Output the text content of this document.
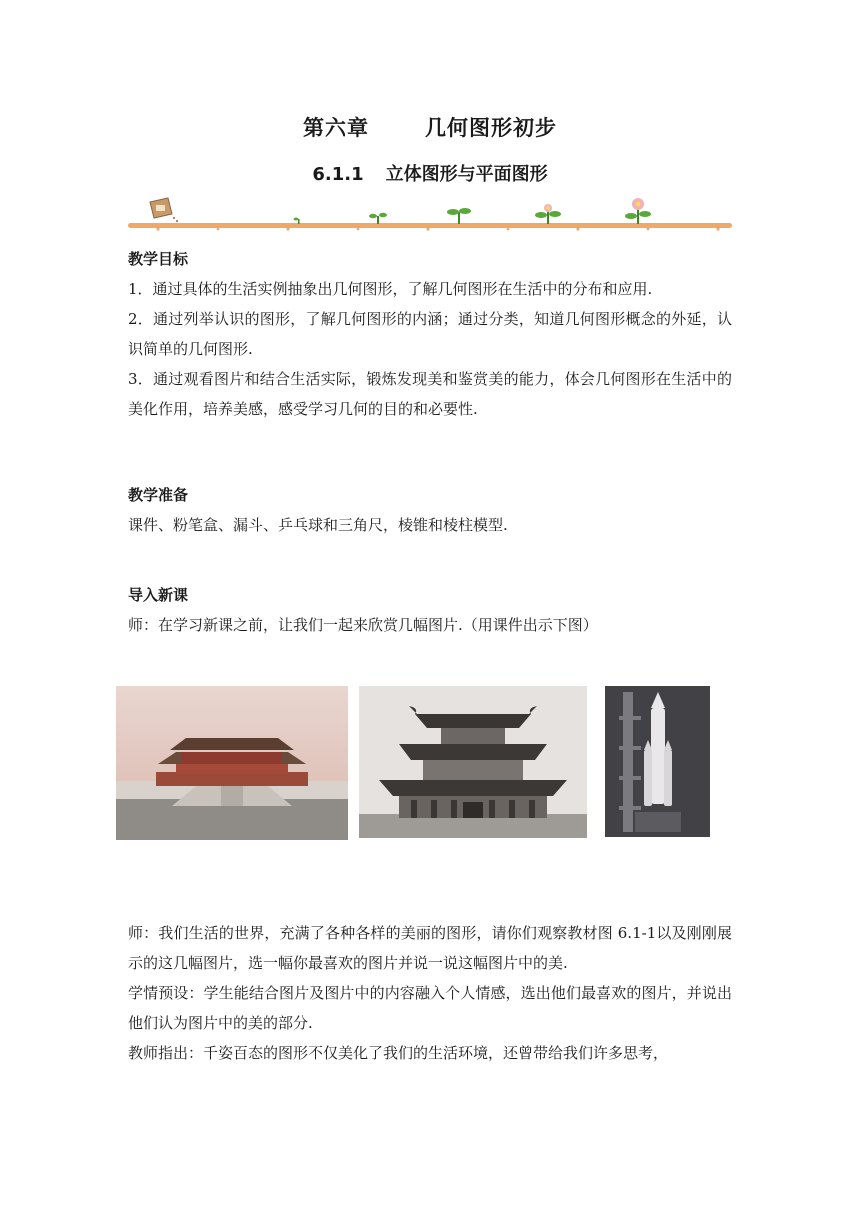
第六章	几何图形初步
6.1.1 立体图形与平面图形

教学目标

1．通过具体的生活实例抽象出几何图形，了解几何图形在生活中的分布和应用.

2．通过列举认识的图形，了解几何图形的内涵；通过分类，知道几何图形概念的外延，认识简单的几何图形.

3．通过观看图片和结合生活实际，锻炼发现美和鉴赏美的能力，体会几何图形在生活中的美化作用，培养美感，感受学习几何的目的和必要性.

教学准备

课件、粉笔盒、漏斗、乒乓球和三角尺，棱锥和棱柱模型.

导入新课

师：在学习新课之前，让我们一起来欣赏几幅图片.（用课件出示下图）

师：我们生活的世界，充满了各种各样的美丽的图形，请你们观察教材图 6.1-1以及刚刚展示的这几幅图片，选一幅你最喜欢的图片并说一说这幅图片中的美.

学情预设：学生能结合图片及图片中的内容融入个人情感，选出他们最喜欢的图片，并说出他们认为图片中的美的部分.

教师指出：千姿百态的图形不仅美化了我们的生活环境，还曾带给我们许多思考，
